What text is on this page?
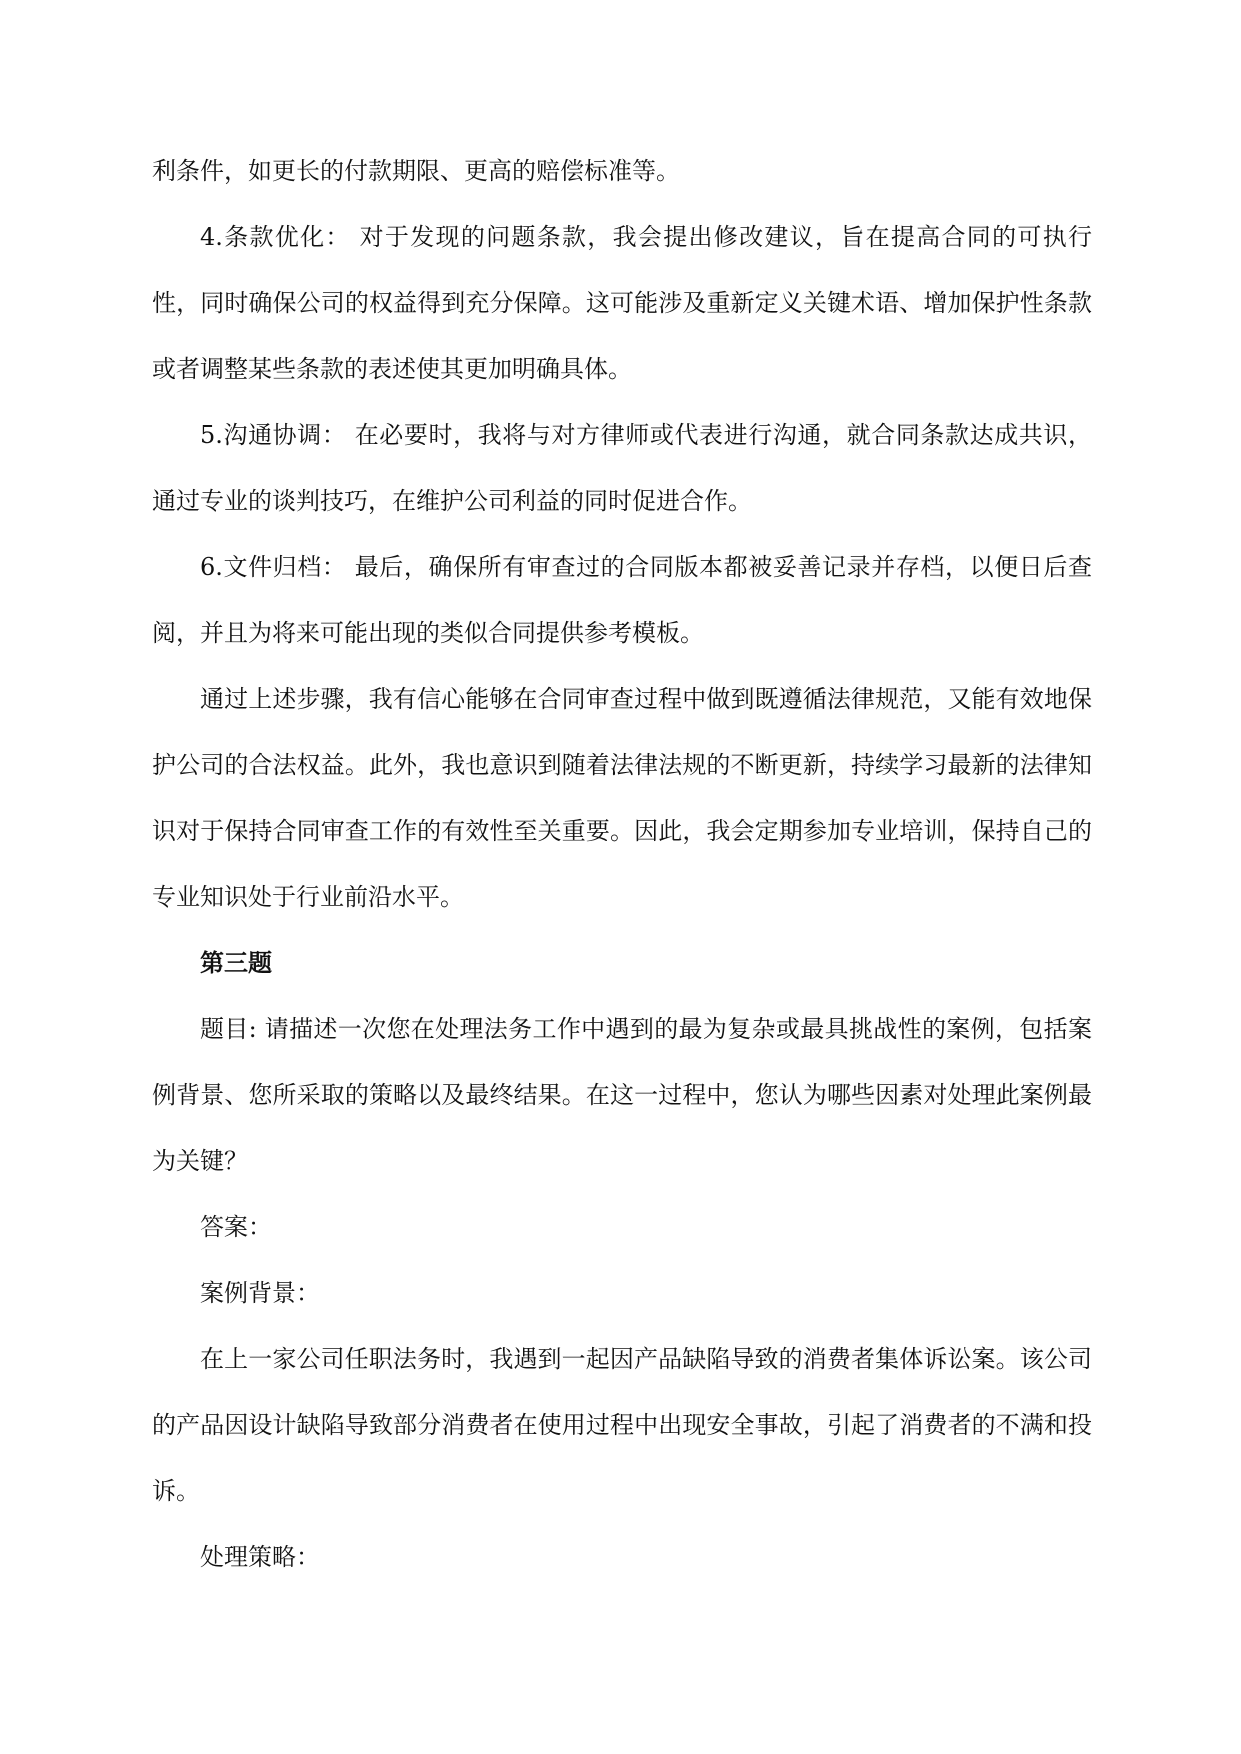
利条件，如更长的付款期限、更高的赔偿标准等。

4.条款优化： 对于发现的问题条款，我会提出修改建议，旨在提高合同的可执行性，同时确保公司的权益得到充分保障。这可能涉及重新定义关键术语、增加保护性条款或者调整某些条款的表述使其更加明确具体。

5.沟通协调： 在必要时，我将与对方律师或代表进行沟通，就合同条款达成共识，通过专业的谈判技巧，在维护公司利益的同时促进合作。

6.文件归档： 最后，确保所有审查过的合同版本都被妥善记录并存档，以便日后查阅，并且为将来可能出现的类似合同提供参考模板。

通过上述步骤，我有信心能够在合同审查过程中做到既遵循法律规范，又能有效地保护公司的合法权益。此外，我也意识到随着法律法规的不断更新，持续学习最新的法律知识对于保持合同审查工作的有效性至关重要。因此，我会定期参加专业培训，保持自己的专业知识处于行业前沿水平。

第三题

题目: 请描述一次您在处理法务工作中遇到的最为复杂或最具挑战性的案例，包括案例背景、您所采取的策略以及最终结果。在这一过程中，您认为哪些因素对处理此案例最为关键？

答案：

案例背景：

在上一家公司任职法务时，我遇到一起因产品缺陷导致的消费者集体诉讼案。该公司的产品因设计缺陷导致部分消费者在使用过程中出现安全事故，引起了消费者的不满和投诉。

处理策略：
